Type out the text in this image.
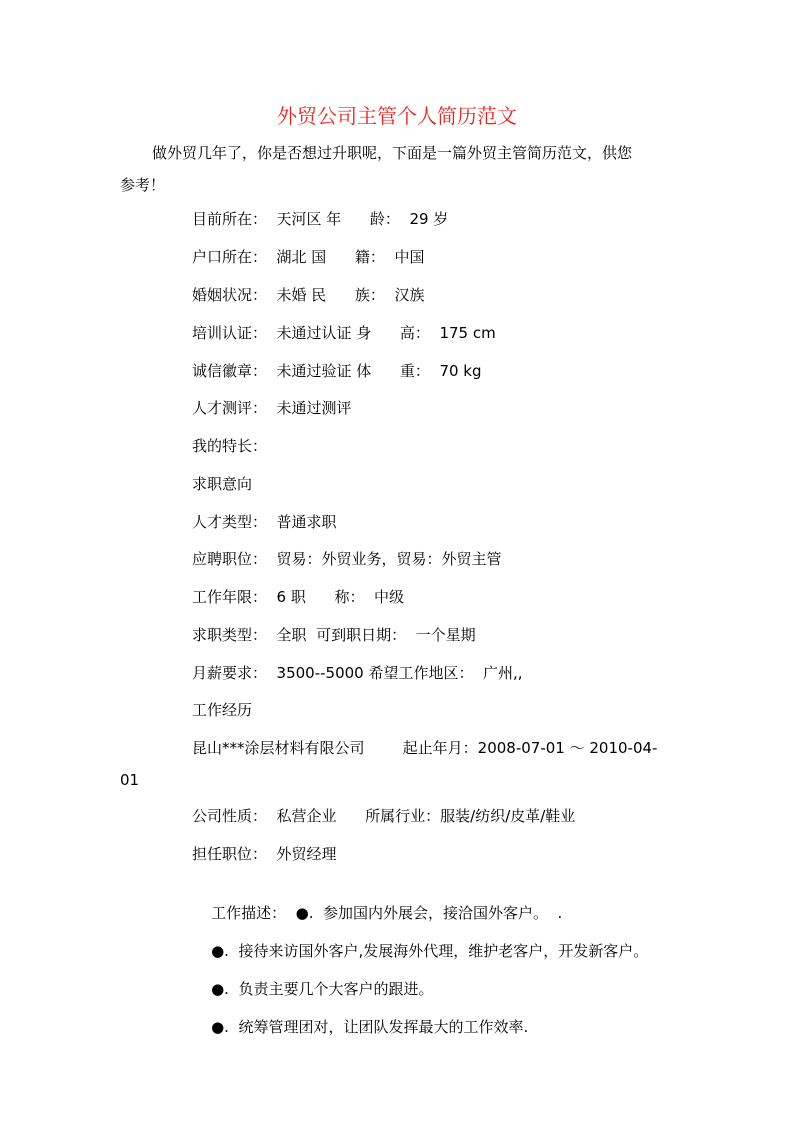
外贸公司主管个人简历范文
做外贸几年了，你是否想过升职呢，下面是一篇外贸主管简历范文，供您
参考！
目前所在：  天河区 年      龄：  29 岁
户口所在：  湖北 国      籍：  中国
婚姻状况：  未婚 民      族：  汉族
培训认证：  未通过认证 身      高：  175 cm
诚信徽章：  未通过验证 体      重：  70 kg
人才测评：  未通过测评
我的特长：
求职意向
人才类型：  普通求职
应聘职位：  贸易：外贸业务，贸易：外贸主管
工作年限：  6 职      称：  中级
求职类型：  全职  可到职日期：  一个星期
月薪要求：  3500--5000 希望工作地区：  广州,,
工作经历
昆山***涂层材料有限公司        起止年月：2008-07-01 ～ 2010-04-
01
公司性质：  私营企业      所属行业：服装/纺织/皮革/鞋业
担任职位：  外贸经理

工作描述：  ●.  参加国内外展会，接洽国外客户。  .

●.  接待来访国外客户,发展海外代理，维护老客户，开发新客户。

●.  负责主要几个大客户的跟进。

●.  统筹管理团对，让团队发挥最大的工作效率.
